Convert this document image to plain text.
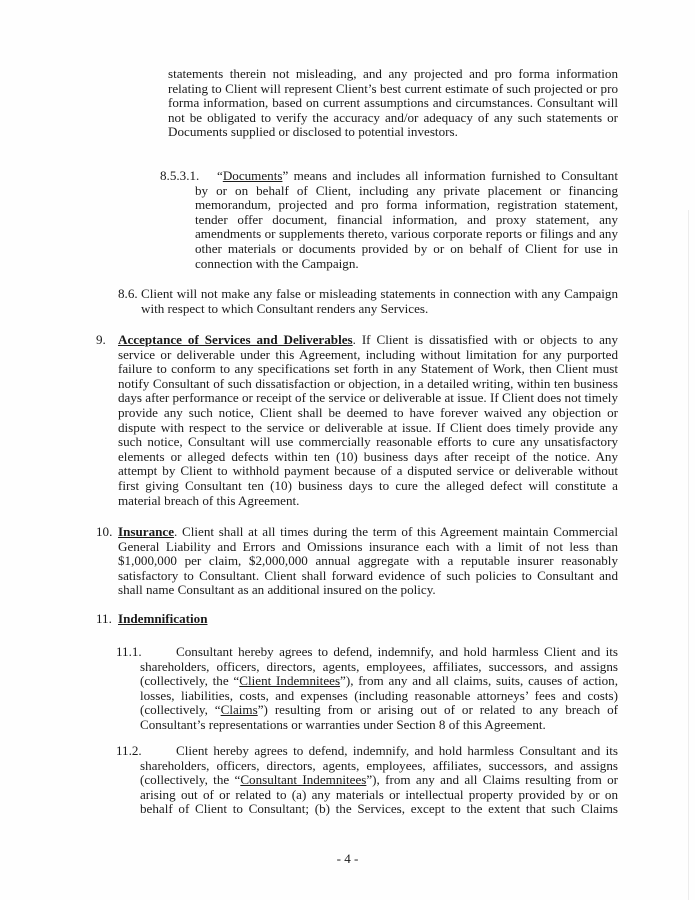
statements therein not misleading, and any projected and pro forma information relating to Client will represent Client’s best current estimate of such projected or pro forma information, based on current assumptions and circumstances. Consultant will not be obligated to verify the accuracy and/or adequacy of any such statements or Documents supplied or disclosed to potential investors.

8.5.3.1.	“Documents” means and includes all information furnished to Consultant by or on behalf of Client, including any private placement or financing memorandum, projected and pro forma information, registration statement, tender offer document, financial information, and proxy statement, any amendments or supplements thereto, various corporate reports or filings and any other materials or documents provided by or on behalf of Client for use in connection with the Campaign.

8.6. Client will not make any false or misleading statements in connection with any Campaign with respect to which Consultant renders any Services.

9. Acceptance of Services and Deliverables. If Client is dissatisfied with or objects to any service or deliverable under this Agreement, including without limitation for any purported failure to conform to any specifications set forth in any Statement of Work, then Client must notify Consultant of such dissatisfaction or objection, in a detailed writing, within ten business days after performance or receipt of the service or deliverable at issue. If Client does not timely provide any such notice, Client shall be deemed to have forever waived any objection or dispute with respect to the service or deliverable at issue. If Client does timely provide any such notice, Consultant will use commercially reasonable efforts to cure any unsatisfactory elements or alleged defects within ten (10) business days after receipt of the notice. Any attempt by Client to withhold payment because of a disputed service or deliverable without first giving Consultant ten (10) business days to cure the alleged defect will constitute a material breach of this Agreement.

10. Insurance. Client shall at all times during the term of this Agreement maintain Commercial General Liability and Errors and Omissions insurance each with a limit of not less than $1,000,000 per claim, $2,000,000 annual aggregate with a reputable insurer reasonably satisfactory to Consultant. Client shall forward evidence of such policies to Consultant and shall name Consultant as an additional insured on the policy.

11. Indemnification

11.1.	Consultant hereby agrees to defend, indemnify, and hold harmless Client and its shareholders, officers, directors, agents, employees, affiliates, successors, and assigns (collectively, the “Client Indemnitees”), from any and all claims, suits, causes of action, losses, liabilities, costs, and expenses (including reasonable attorneys’ fees and costs) (collectively, “Claims”) resulting from or arising out of or related to any breach of Consultant’s representations or warranties under Section 8 of this Agreement.

11.2.	Client hereby agrees to defend, indemnify, and hold harmless Consultant and its shareholders, officers, directors, agents, employees, affiliates, successors, and assigns (collectively, the “Consultant Indemnitees”), from any and all Claims resulting from or arising out of or related to (a) any materials or intellectual property provided by or on behalf of Client to Consultant; (b) the Services, except to the extent that such Claims

- 4 -
